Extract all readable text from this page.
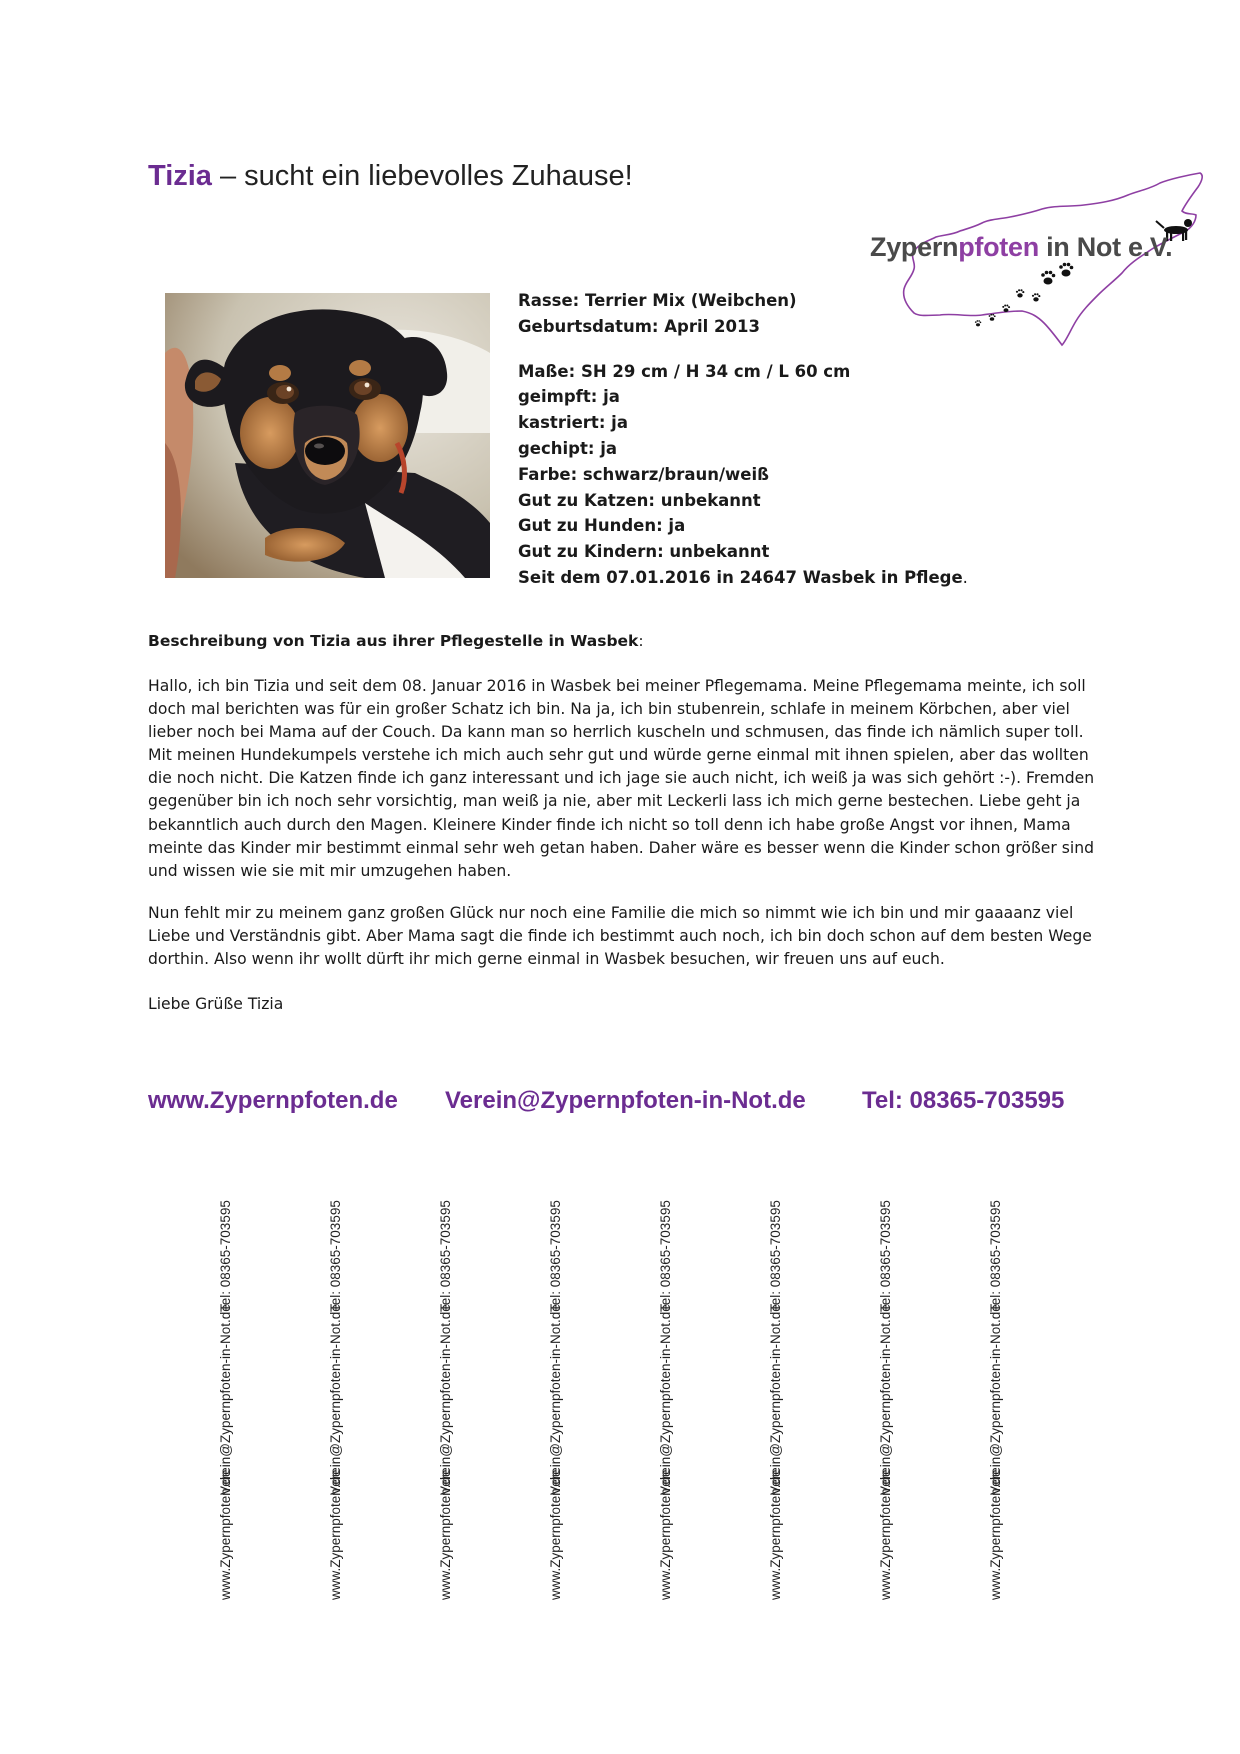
Tizia – sucht ein liebevolles Zuhause!
Zypernpfoten in Not e.V.
Rasse: Terrier Mix (Weibchen)
Geburtsdatum: April 2013
Maße: SH 29 cm / H 34 cm / L 60 cm
geimpft: ja
kastriert: ja
gechipt: ja
Farbe: schwarz/braun/weiß
Gut zu Katzen: unbekannt
Gut zu Hunden: ja
Gut zu Kindern: unbekannt
Seit dem 07.01.2016 in 24647 Wasbek in Pflege.
Beschreibung von Tizia aus ihrer Pflegestelle in Wasbek:

Hallo, ich bin Tizia und seit dem 08. Januar 2016 in Wasbek bei meiner Pflegemama. Meine Pflegemama meinte, ich soll doch mal berichten was für ein großer Schatz ich bin. Na ja, ich bin stubenrein, schlafe in meinem Körbchen, aber viel lieber noch bei Mama auf der Couch. Da kann man so herrlich kuscheln und schmusen, das finde ich nämlich super toll. Mit meinen Hundekumpels verstehe ich mich auch sehr gut und würde gerne einmal mit ihnen spielen, aber das wollten die noch nicht. Die Katzen finde ich ganz interessant und ich jage sie auch nicht, ich weiß ja was sich gehört :-). Fremden gegenüber bin ich noch sehr vorsichtig, man weiß ja nie, aber mit Leckerli lass ich mich gerne bestechen. Liebe geht ja bekanntlich auch durch den Magen. Kleinere Kinder finde ich nicht so toll denn ich habe große Angst vor ihnen, Mama meinte das Kinder mir bestimmt einmal sehr weh getan haben. Daher wäre es besser wenn die Kinder schon größer sind und wissen wie sie mit mir umzugehen haben.

Nun fehlt mir zu meinem ganz großen Glück nur noch eine Familie die mich so nimmt wie ich bin und mir gaaaanz viel Liebe und Verständnis gibt. Aber Mama sagt die finde ich bestimmt auch noch, ich bin doch schon auf dem besten Wege dorthin. Also wenn ihr wollt dürft ihr mich gerne einmal in Wasbek besuchen, wir freuen uns auf euch.

Liebe Grüße Tizia

www.Zypernpfoten.de Verein@Zypernpfoten-in-Not.de Tel: 08365-703595
www.Zypernpfoten.de
Verein@Zypernpfoten-in-Not.de
Tel: 08365-703595
www.Zypernpfoten.de
Verein@Zypernpfoten-in-Not.de
Tel: 08365-703595
www.Zypernpfoten.de
Verein@Zypernpfoten-in-Not.de
Tel: 08365-703595
www.Zypernpfoten.de
Verein@Zypernpfoten-in-Not.de
Tel: 08365-703595
www.Zypernpfoten.de
Verein@Zypernpfoten-in-Not.de
Tel: 08365-703595
www.Zypernpfoten.de
Verein@Zypernpfoten-in-Not.de
Tel: 08365-703595
www.Zypernpfoten.de
Verein@Zypernpfoten-in-Not.de
Tel: 08365-703595
www.Zypernpfoten.de
Verein@Zypernpfoten-in-Not.de
Tel: 08365-703595
